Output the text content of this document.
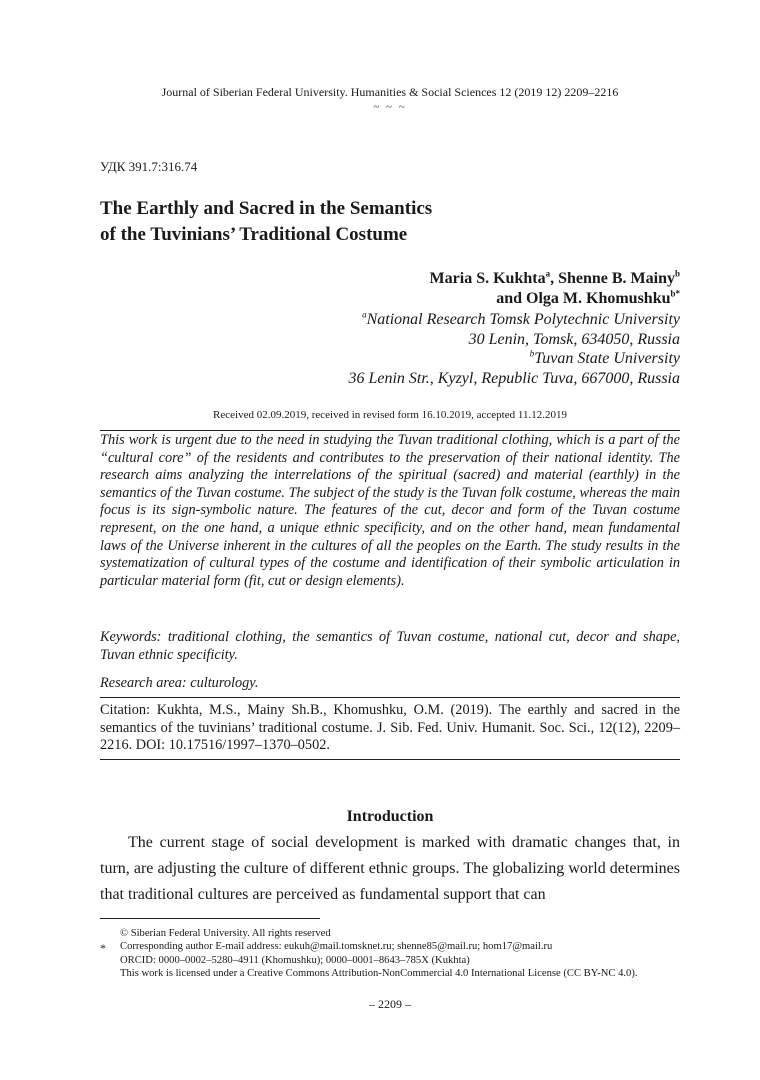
Journal of Siberian Federal University. Humanities & Social Sciences 12 (2019 12) 2209–2216
~ ~ ~
УДК 391.7:316.74
The Earthly and Sacred in the Semantics
of the Tuvinians’ Traditional Costume
Maria S. Kukhta$^a$, Shenne B. Mainy$^b$
and Olga M. Khomushku$^{b*}$
$^a$National Research Tomsk Polytechnic University
30 Lenin, Tomsk, 634050, Russia
$^b$Tuvan State University
36 Lenin Str., Kyzyl, Republic Tuva, 667000, Russia
Received 02.09.2019, received in revised form 16.10.2019, accepted 11.12.2019
This work is urgent due to the need in studying the Tuvan traditional clothing, which is a part of the “cultural core” of the residents and contributes to the preservation of their national identity. The research aims analyzing the interrelations of the spiritual (sacred) and material (earthly) in the semantics of the Tuvan costume. The subject of the study is the Tuvan folk costume, whereas the main focus is its sign-symbolic nature. The features of the cut, decor and form of the Tuvan costume represent, on the one hand, a unique ethnic specificity, and on the other hand, mean fundamental laws of the Universe inherent in the cultures of all the peoples on the Earth. The study results in the systematization of cultural types of the costume and identification of their symbolic articulation in particular material form (fit, cut or design elements).
Keywords: traditional clothing, the semantics of Tuvan costume, national cut, decor and shape, Tuvan ethnic specificity.
Research area: culturology.
Citation: Kukhta, M.S., Mainy Sh.B., Khomushku, O.M. (2019). The earthly and sacred in the semantics of the tuvinians’ traditional costume. J. Sib. Fed. Univ. Humanit. Soc. Sci., 12(12), 2209–2216. DOI: 10.17516/1997–1370–0502.
Introduction
The current stage of social development is marked with dramatic changes that, in turn, are adjusting the culture of different ethnic groups. The globalizing world determines that traditional cultures are perceived as fundamental support that can
*
© Siberian Federal University. All rights reserved
Corresponding author E-mail address: eukuh@mail.tomsknet.ru; shenne85@mail.ru; hom17@mail.ru
ORCID: 0000–0002–5280–4911 (Khomushku); 0000–0001–8643–785X (Kukhta)
This work is licensed under a Creative Commons Attribution-NonCommercial 4.0 International License (CC BY-NC 4.0).
– 2209 –
